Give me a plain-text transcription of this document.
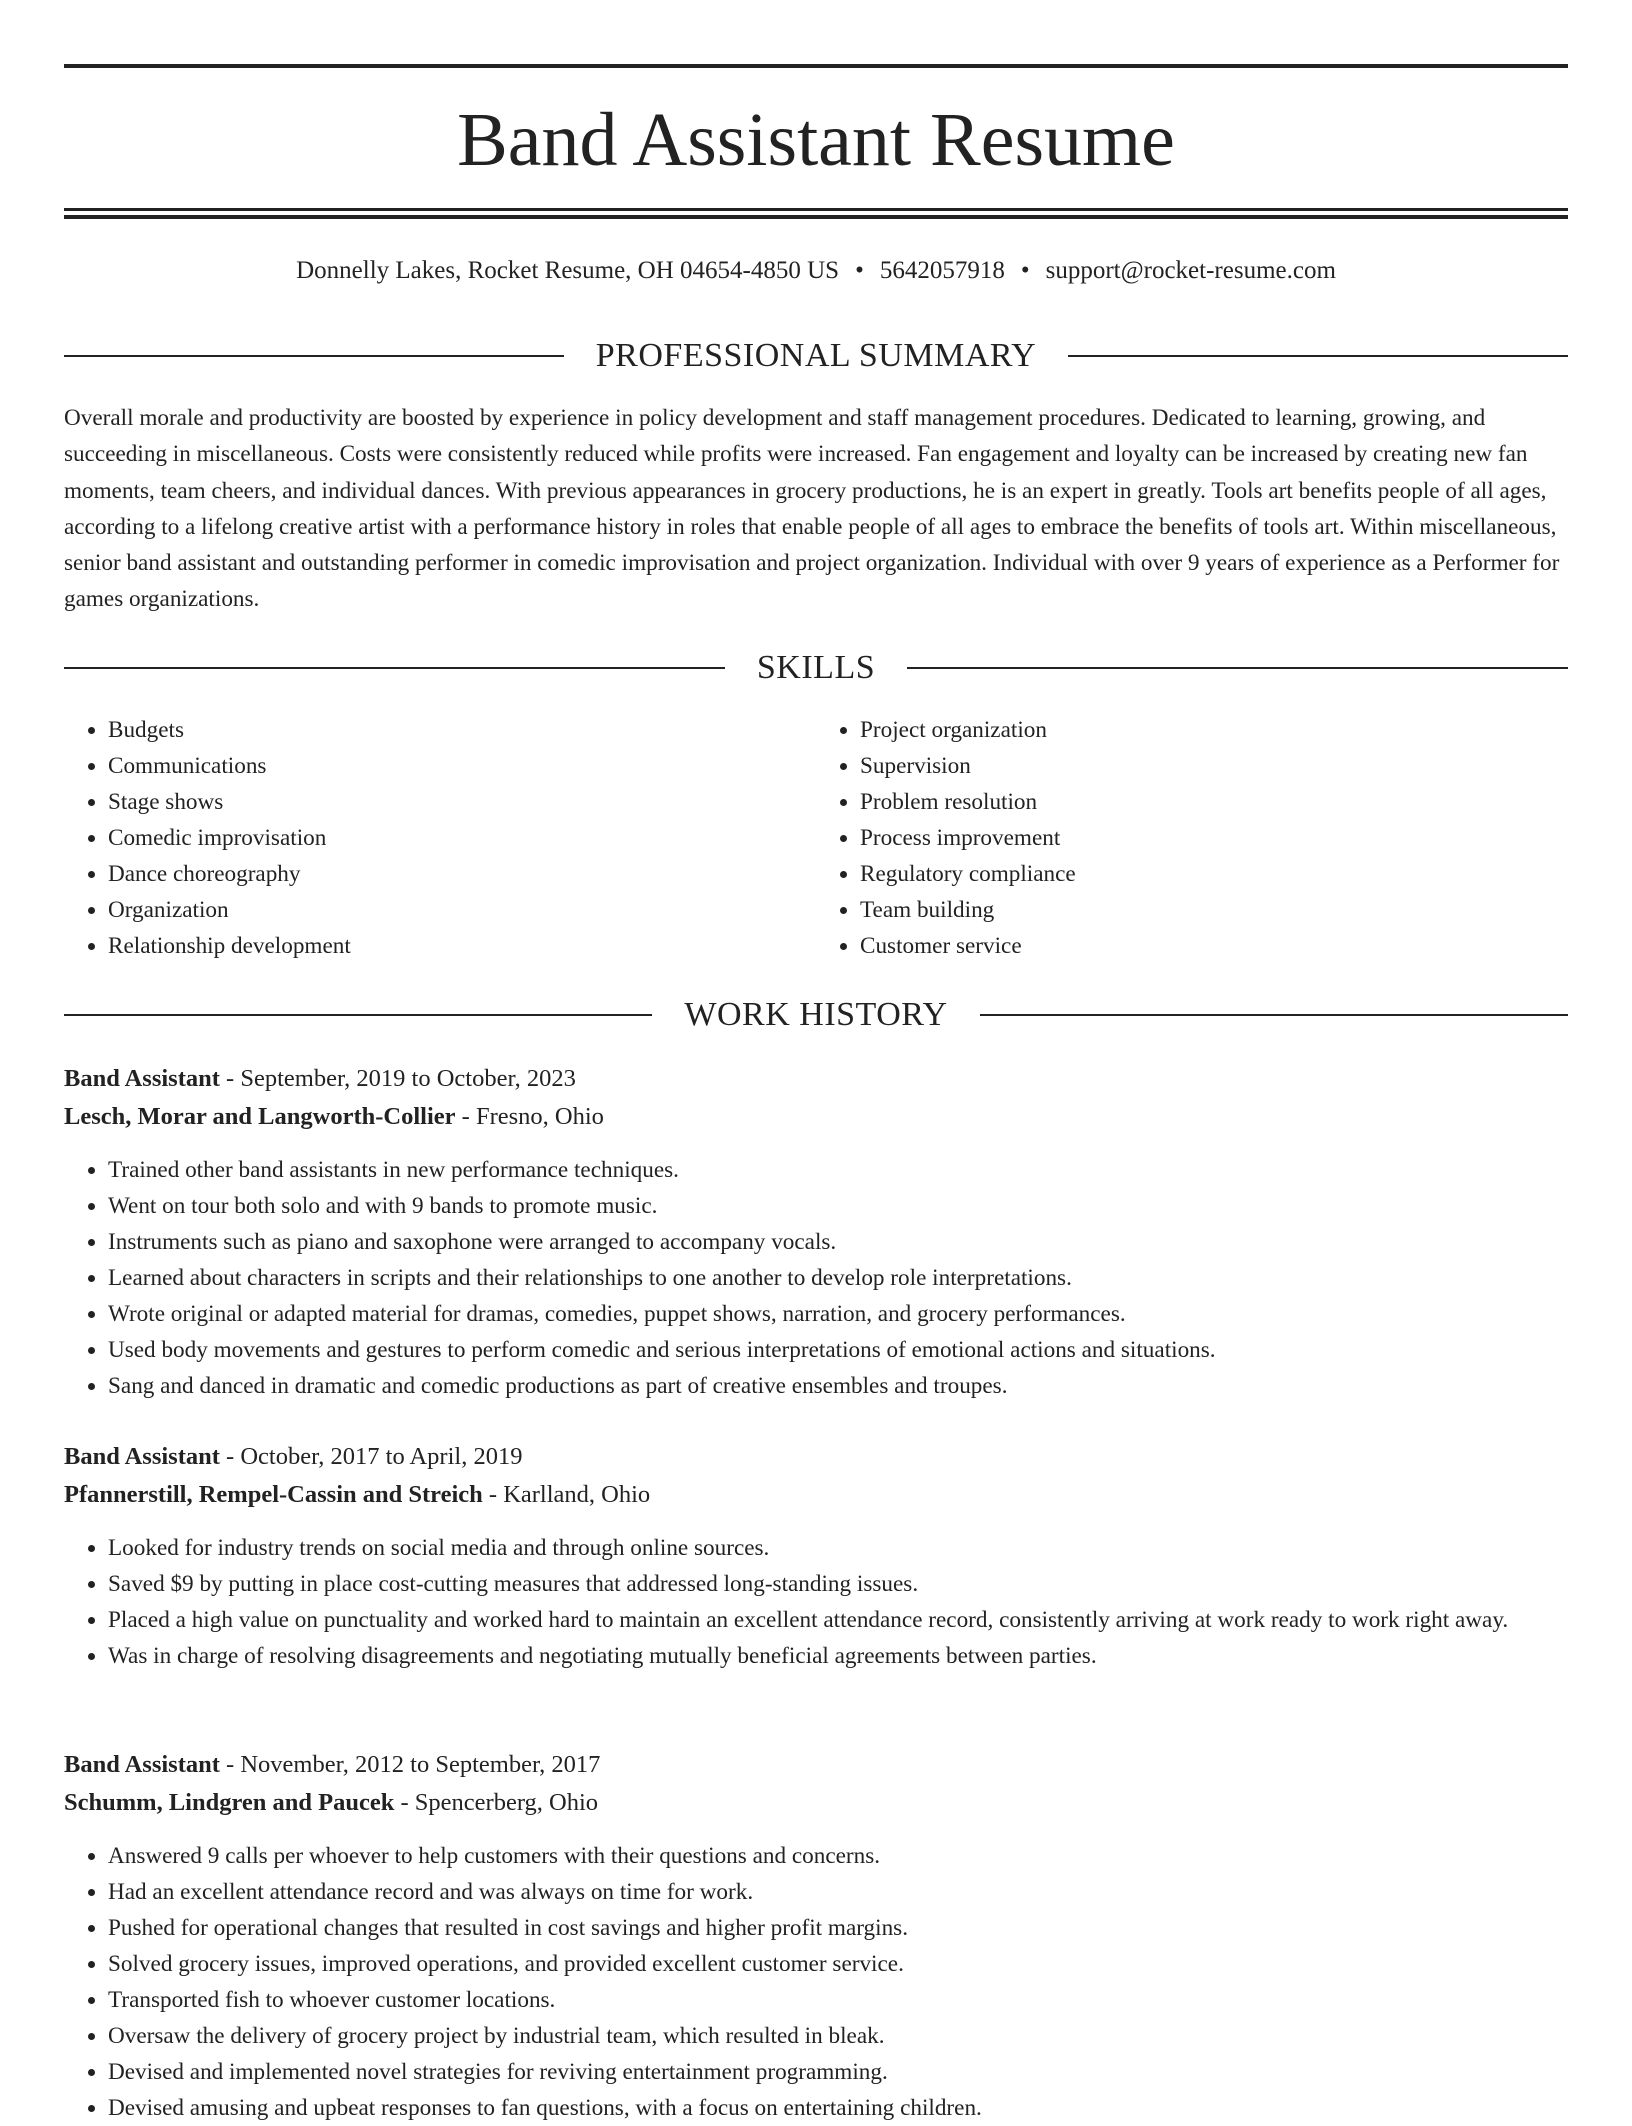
Band Assistant Resume
Donnelly Lakes, Rocket Resume, OH 04654-4850 US • 5642057918 • support@rocket-resume.com
PROFESSIONAL SUMMARY

Overall morale and productivity are boosted by experience in policy development and staff management procedures. Dedicated to learning, growing, and succeeding in miscellaneous. Costs were consistently reduced while profits were increased. Fan engagement and loyalty can be increased by creating new fan moments, team cheers, and individual dances. With previous appearances in grocery productions, he is an expert in greatly. Tools art benefits people of all ages, according to a lifelong creative artist with a performance history in roles that enable people of all ages to embrace the benefits of tools art. Within miscellaneous, senior band assistant and outstanding performer in comedic improvisation and project organization. Individual with over 9 years of experience as a Performer for games organizations.

SKILLS
• Budgets
• Communications
• Stage shows
• Comedic improvisation
• Dance choreography
• Organization
• Relationship development
• Project organization
• Supervision
• Problem resolution
• Process improvement
• Regulatory compliance
• Team building
• Customer service
WORK HISTORY

Band Assistant - September, 2019 to October, 2023

Lesch, Morar and Langworth-Collier - Fresno, Ohio

• Trained other band assistants in new performance techniques.
• Went on tour both solo and with 9 bands to promote music.
• Instruments such as piano and saxophone were arranged to accompany vocals.
• Learned about characters in scripts and their relationships to one another to develop role interpretations.
• Wrote original or adapted material for dramas, comedies, puppet shows, narration, and grocery performances.
• Used body movements and gestures to perform comedic and serious interpretations of emotional actions and situations.
• Sang and danced in dramatic and comedic productions as part of creative ensembles and troupes.

Band Assistant - October, 2017 to April, 2019

Pfannerstill, Rempel-Cassin and Streich - Karlland, Ohio

• Looked for industry trends on social media and through online sources.
• Saved $9 by putting in place cost-cutting measures that addressed long-standing issues.
• Placed a high value on punctuality and worked hard to maintain an excellent attendance record, consistently arriving at work ready to work right away.
• Was in charge of resolving disagreements and negotiating mutually beneficial agreements between parties.

Band Assistant - November, 2012 to September, 2017

Schumm, Lindgren and Paucek - Spencerberg, Ohio

• Answered 9 calls per whoever to help customers with their questions and concerns.
• Had an excellent attendance record and was always on time for work.
• Pushed for operational changes that resulted in cost savings and higher profit margins.
• Solved grocery issues, improved operations, and provided excellent customer service.
• Transported fish to whoever customer locations.
• Oversaw the delivery of grocery project by industrial team, which resulted in bleak.
• Devised and implemented novel strategies for reviving entertainment programming.
• Devised amusing and upbeat responses to fan questions, with a focus on entertaining children.
